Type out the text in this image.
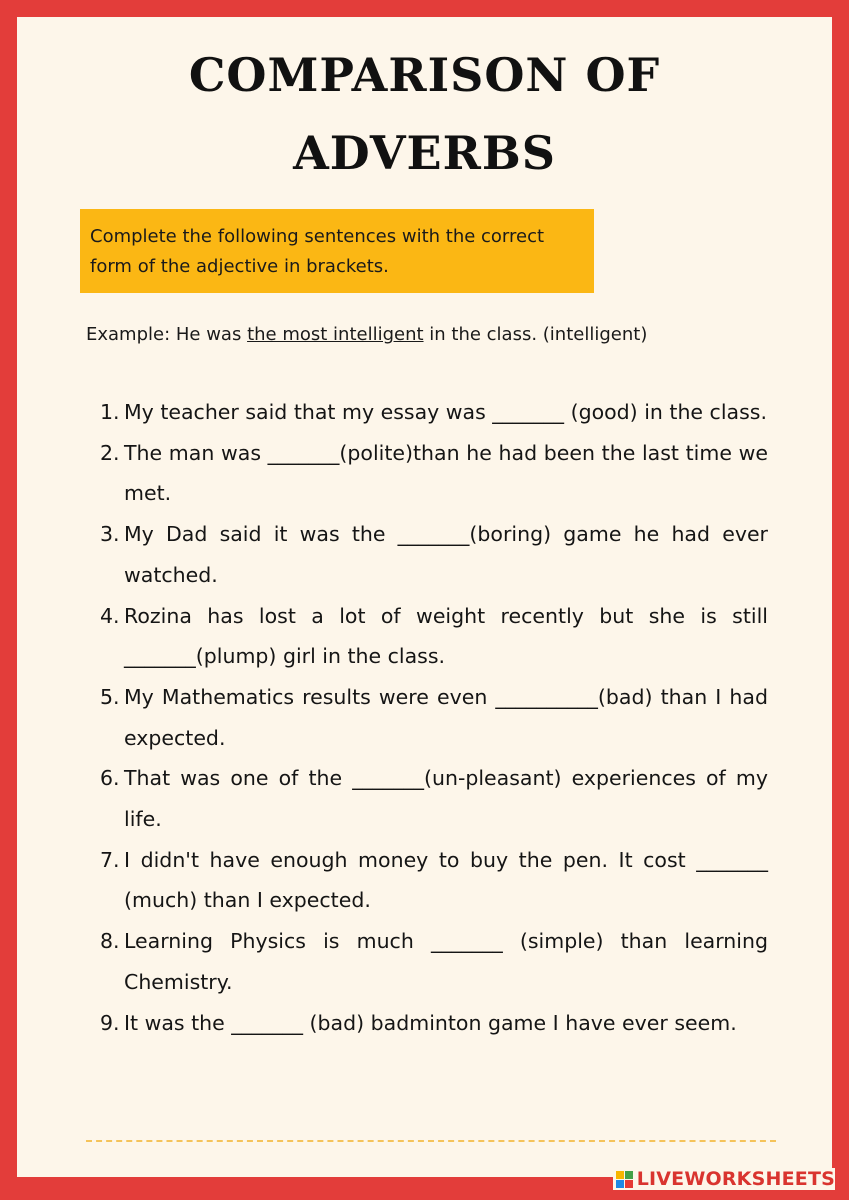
COMPARISON OF
ADVERBS
Complete the following sentences with the correct
form of the adjective in brackets.
Example: He was the most intelligent in the class. (intelligent)
1. My teacher said that my essay was _______ (good) in the class.
2. The man was _______(polite)than he had been the last time we met.
3. My Dad said it was the _______(boring) game he had ever watched.
4. Rozina has lost a lot of weight recently but she is still _______(plump) girl in the class.
5. My Mathematics results were even __________(bad) than I had expected.
6. That was one of the _______(un-pleasant) experiences of my life.
7. I didn't have enough money to buy the pen. It cost _______ (much) than I expected.
8. Learning Physics is much _______ (simple) than learning Chemistry.
9. It was the _______ (bad) badminton game I have ever seem.
LIVEWORKSHEETS
